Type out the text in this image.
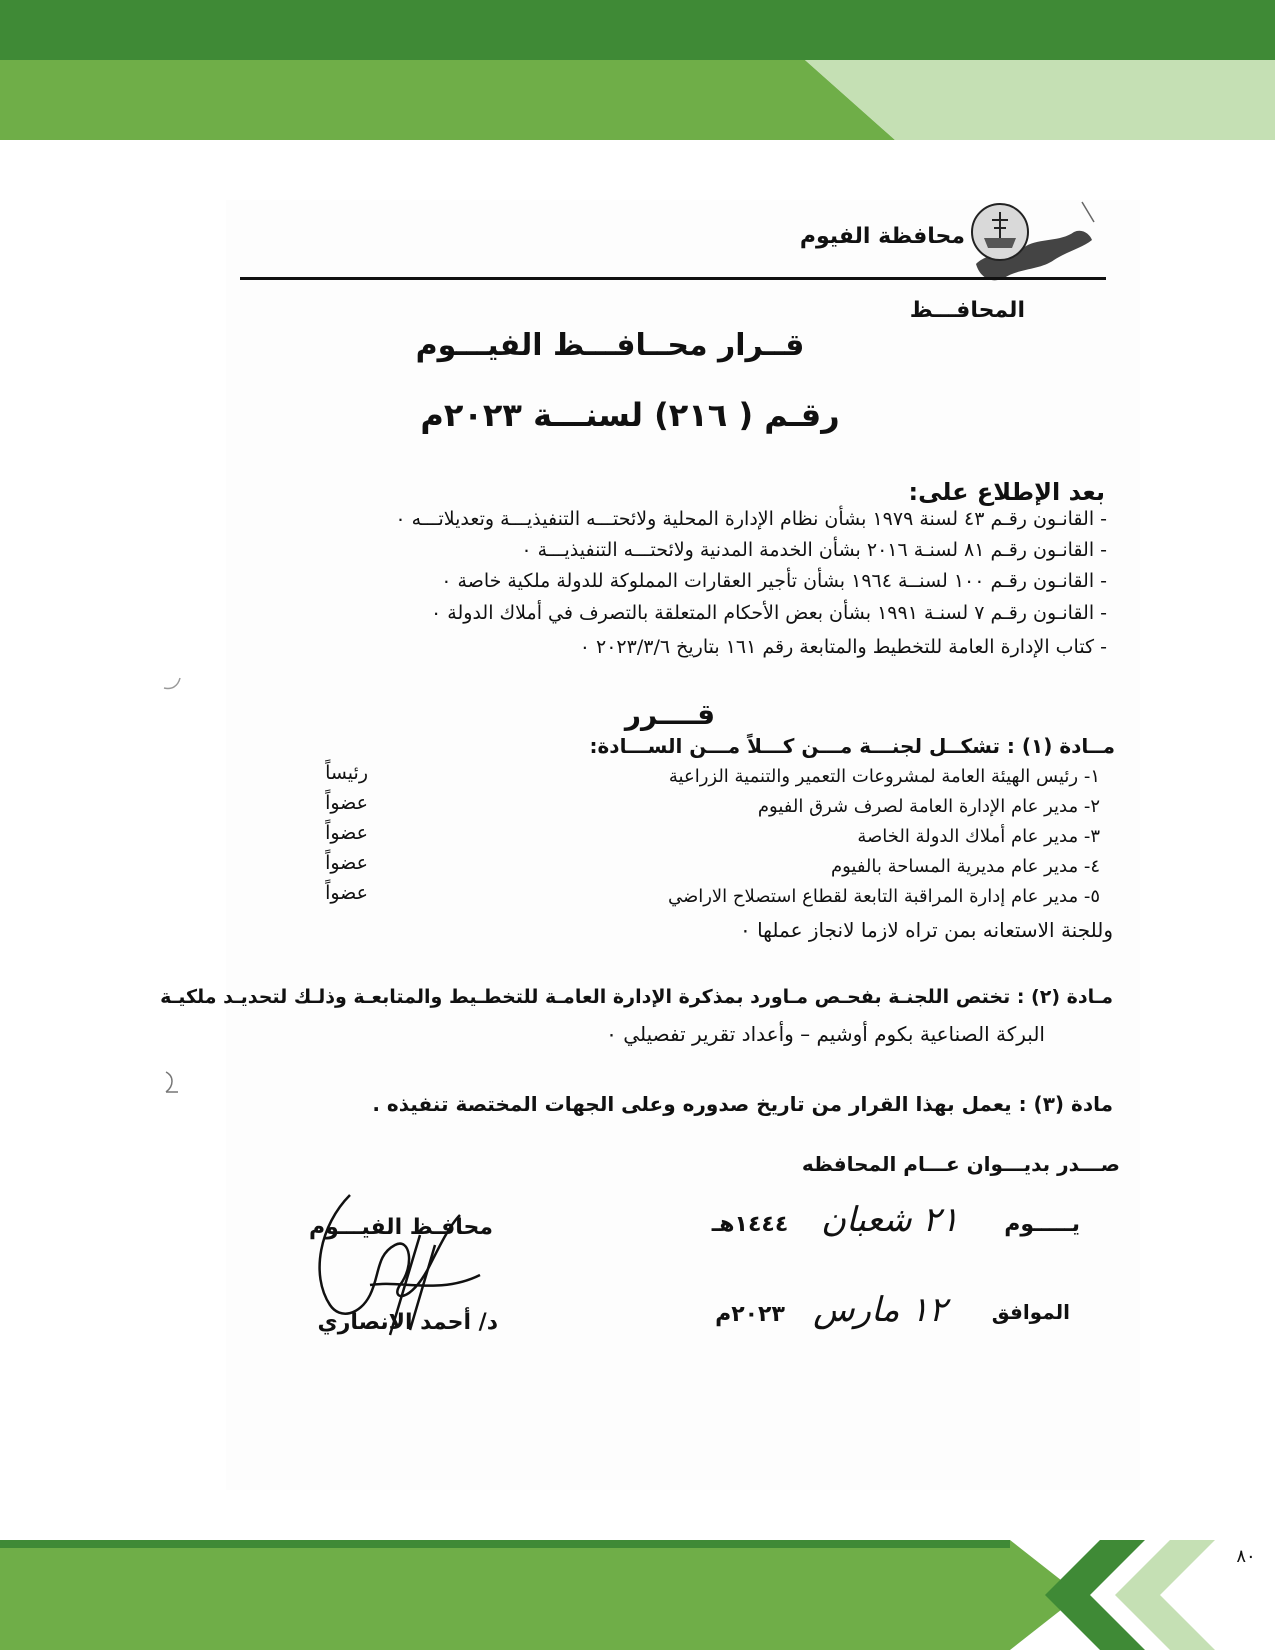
محافظة الفيوم
المحافـــظ
قــرار محــافـــظ الفيـــوم
رقـم ( ٢١٦) لسنـــة ٢٠٢٣م
بعد الإطلاع على:
- القانـون رقـم ٤٣ لسنة ١٩٧٩ بشأن نظام الإدارة المحلية ولائحتـــه التنفيذيـــة وتعديلاتـــه ٠
- القانـون رقـم ٨١ لسنـة ٢٠١٦ بشأن الخدمة المدنية ولائحتـــه التنفيذيـــة ٠
- القانـون رقـم ١٠٠ لسنــة ١٩٦٤ بشأن تأجير العقارات المملوكة للدولة ملكية خاصة ٠
- القانـون رقـم ٧ لسنـة ١٩٩١ بشأن بعض الأحكام المتعلقة بالتصرف في أملاك الدولة ٠
- كتاب الإدارة العامة للتخطيط والمتابعة رقم ١٦١ بتاريخ ٢٠٢٣/٣/٦ ٠
قــــرر
مــادة (١) : تشكــل لجنـــة مـــن كـــلاً مـــن الســـادة:
١- رئيس الهيئة العامة لمشروعات التعمير والتنمية الزراعية
رئيساً
٢- مدير عام الإدارة العامة لصرف شرق الفيوم
عضواً
٣- مدير عام أملاك الدولة الخاصة
عضواً
٤- مدير عام مديرية المساحة بالفيوم
عضواً
٥- مدير عام إدارة المراقبة التابعة لقطاع استصلاح الاراضي
عضواً
وللجنة الاستعانه بمن تراه لازما لانجاز عملها ٠
مـادة (٢) : تختص اللجنـة بفحـص مـاورد بمذكرة الإدارة العامـة للتخطـيط والمتابعـة وذلـك لتحديـد ملكيـة
البركة الصناعية بكوم أوشيم – وأعداد تقرير تفصيلي ٠
مادة (٣) : يعمل بهذا القرار من تاريخ صدوره وعلى الجهات المختصة تنفيذه .
صـــدر بديـــوان عـــام المحافظه
يـــــوم
٢١ شعبان
١٤٤٤هـ
الموافق
١٢ مارس
٢٠٢٣م
محافـظ الفيـــوم
د/ أحمد الانصاري
٨٠
